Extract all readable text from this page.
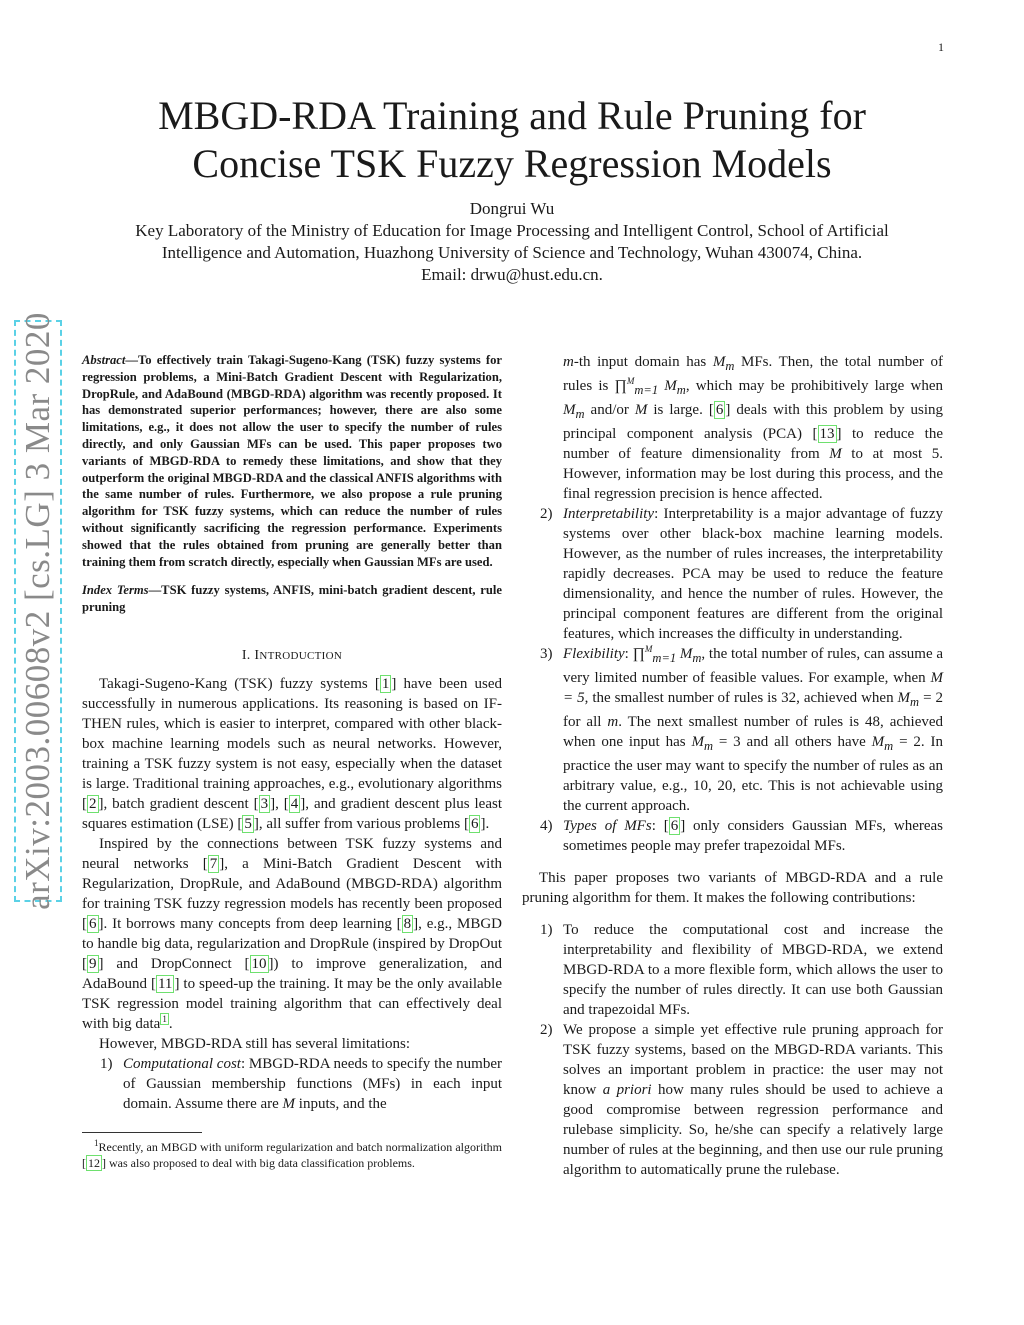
1
MBGD-RDA Training and Rule Pruning for
Concise TSK Fuzzy Regression Models
Dongrui Wu
Key Laboratory of the Ministry of Education for Image Processing and Intelligent Control, School of Artificial
Intelligence and Automation, Huazhong University of Science and Technology, Wuhan 430074, China.
Email: drwu@hust.edu.cn.
arXiv:2003.00608v2 [cs.LG] 3 Mar 2020 Abstract—To effectively train Takagi-Sugeno-Kang (TSK) fuzzy systems for regression problems, a Mini-Batch Gradient Descent with Regularization, DropRule, and AdaBound (MBGD-RDA) algorithm was recently proposed. It has demonstrated superior performances; however, there are also some limitations, e.g., it does not allow the user to specify the number of rules directly, and only Gaussian MFs can be used. This paper proposes two variants of MBGD-RDA to remedy these limitations, and show that they outperform the original MBGD-RDA and the classical ANFIS algorithms with the same number of rules. Furthermore, we also propose a rule pruning algorithm for TSK fuzzy systems, which can reduce the number of rules without significantly sacrificing the regression performance. Experiments showed that the rules obtained from pruning are generally better than training them from scratch directly, especially when Gaussian MFs are used.
Index Terms—TSK fuzzy systems, ANFIS, mini-batch gradient descent, rule pruning
I. INTRODUCTION

Takagi-Sugeno-Kang (TSK) fuzzy systems [ 1 ] have been used successfully in numerous applications. Its reasoning is based on IF-THEN rules, which is easier to interpret, compared with other black-box machine learning models such as neural networks. However, training a TSK fuzzy system is not easy, especially when the dataset is large. Traditional training approaches, e.g., evolutionary algorithms [ 2 ], batch gradient descent [ 3 ], [ 4 ], and gradient descent plus least squares estimation (LSE) [ 5 ], all suffer from various problems [ 6 ].

Inspired by the connections between TSK fuzzy systems and neural networks [ 7 ], a Mini-Batch Gradient Descent with Regularization, DropRule, and AdaBound (MBGD-RDA) algorithm for training TSK fuzzy regression models has recently been proposed [ 6 ]. It borrows many concepts from deep learning [ 8 ], e.g., MBGD to handle big data, regularization and DropRule (inspired by DropOut [ 9 ] and DropConnect [ 10 ]) to improve generalization, and AdaBound [ 11 ] to speed-up the training. It may be the only available TSK regression model training algorithm that can effectively deal with big data $^1$ .

However, MBGD-RDA still has several limitations:

1) Computational cost: MBGD-RDA needs to specify the number of Gaussian membership functions (MFs) in each input domain. Assume there are M inputs, and the
$^1$Recently, an MBGD with uniform regularization and batch normalization algorithm [ 12 ] was also proposed to deal with big data classification problems.
m-th input domain has $M_m$ MFs. Then, the total number of rules is ∏$^M_{m=1}$ $M_m$, which may be prohibitively large when $M_m$ and/or M is large. [ 6 ] deals with this problem by using principal component analysis (PCA) [ 13 ] to reduce the number of feature dimensionality from M to at most 5. However, information may be lost during this process, and the final regression precision is hence affected.
2) Interpretability: Interpretability is a major advantage of fuzzy systems over other black-box machine learning models. However, as the number of rules increases, the interpretability rapidly decreases. PCA may be used to reduce the feature dimensionality, and hence the number of rules. However, the principal component features are different from the original features, which increases the difficulty in understanding.
3) Flexibility: ∏$^M_{m=1}$ $M_m$, the total number of rules, can assume a very limited number of feasible values. For example, when M = 5, the smallest number of rules is 32, achieved when $M_m = 2$ for all m. The next smallest number of rules is 48, achieved when one input has $M_m = 3$ and all others have $M_m = 2$. In practice the user may want to specify the number of rules as an arbitrary value, e.g., 10, 20, etc. This is not achievable using the current approach.
4) Types of MFs: [ 6 ] only considers Gaussian MFs, whereas sometimes people may prefer trapezoidal MFs.

This paper proposes two variants of MBGD-RDA and a rule pruning algorithm for them. It makes the following contributions:

1) To reduce the computational cost and increase the interpretability and flexibility of MBGD-RDA, we extend MBGD-RDA to a more flexible form, which allows the user to specify the number of rules directly. It can use both Gaussian and trapezoidal MFs.
2) We propose a simple yet effective rule pruning approach for TSK fuzzy systems, based on the MBGD-RDA variants. This solves an important problem in practice: the user may not know a priori how many rules should be used to achieve a good compromise between regression performance and rulebase simplicity. So, he/she can specify a relatively large number of rules at the beginning, and then use our rule pruning algorithm to automatically prune the rulebase.
